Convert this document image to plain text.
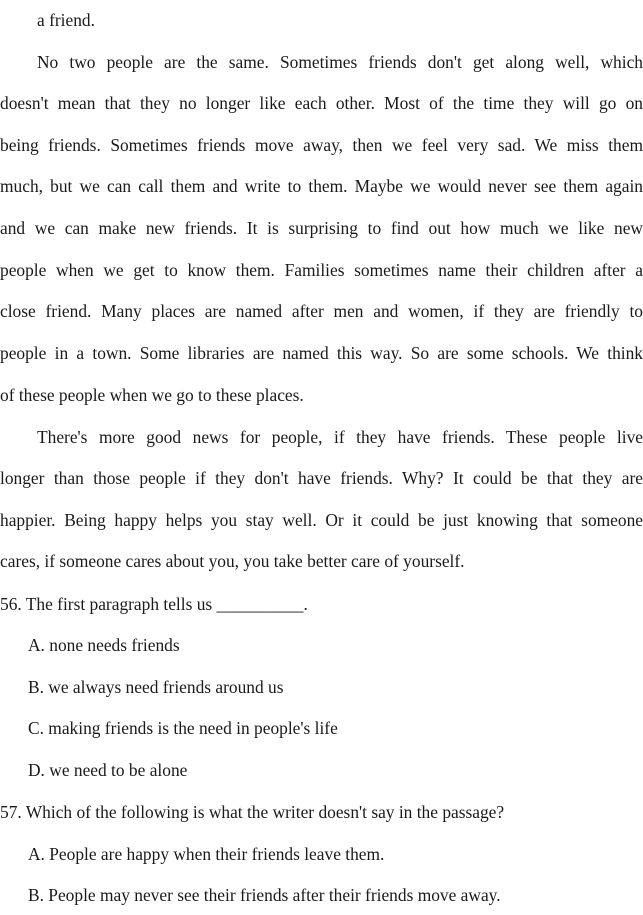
a friend.
No two people are the same. Sometimes friends don't get along well, which
doesn't mean that they no longer like each other. Most of the time they will go on
being friends. Sometimes friends move away, then we feel very sad. We miss them
much, but we can call them and write to them. Maybe we would never see them again
and we can make new friends. It is surprising to find out how much we like new
people when we get to know them. Families sometimes name their children after a
close friend. Many places are named after men and women, if they are friendly to
people in a town. Some libraries are named this way. So are some schools. We think
of these people when we go to these places.
There's more good news for people, if they have friends. These people live
longer than those people if they don't have friends. Why? It could be that they are
happier. Being happy helps you stay well. Or it could be just knowing that someone
cares, if someone cares about you, you take better care of yourself.
56. The first paragraph tells us __________.
A. none needs friends
B. we always need friends around us
C. making friends is the need in people's life
D. we need to be alone
57. Which of the following is what the writer doesn't say in the passage?
A. People are happy when their friends leave them.
B. People may never see their friends after their friends move away.
